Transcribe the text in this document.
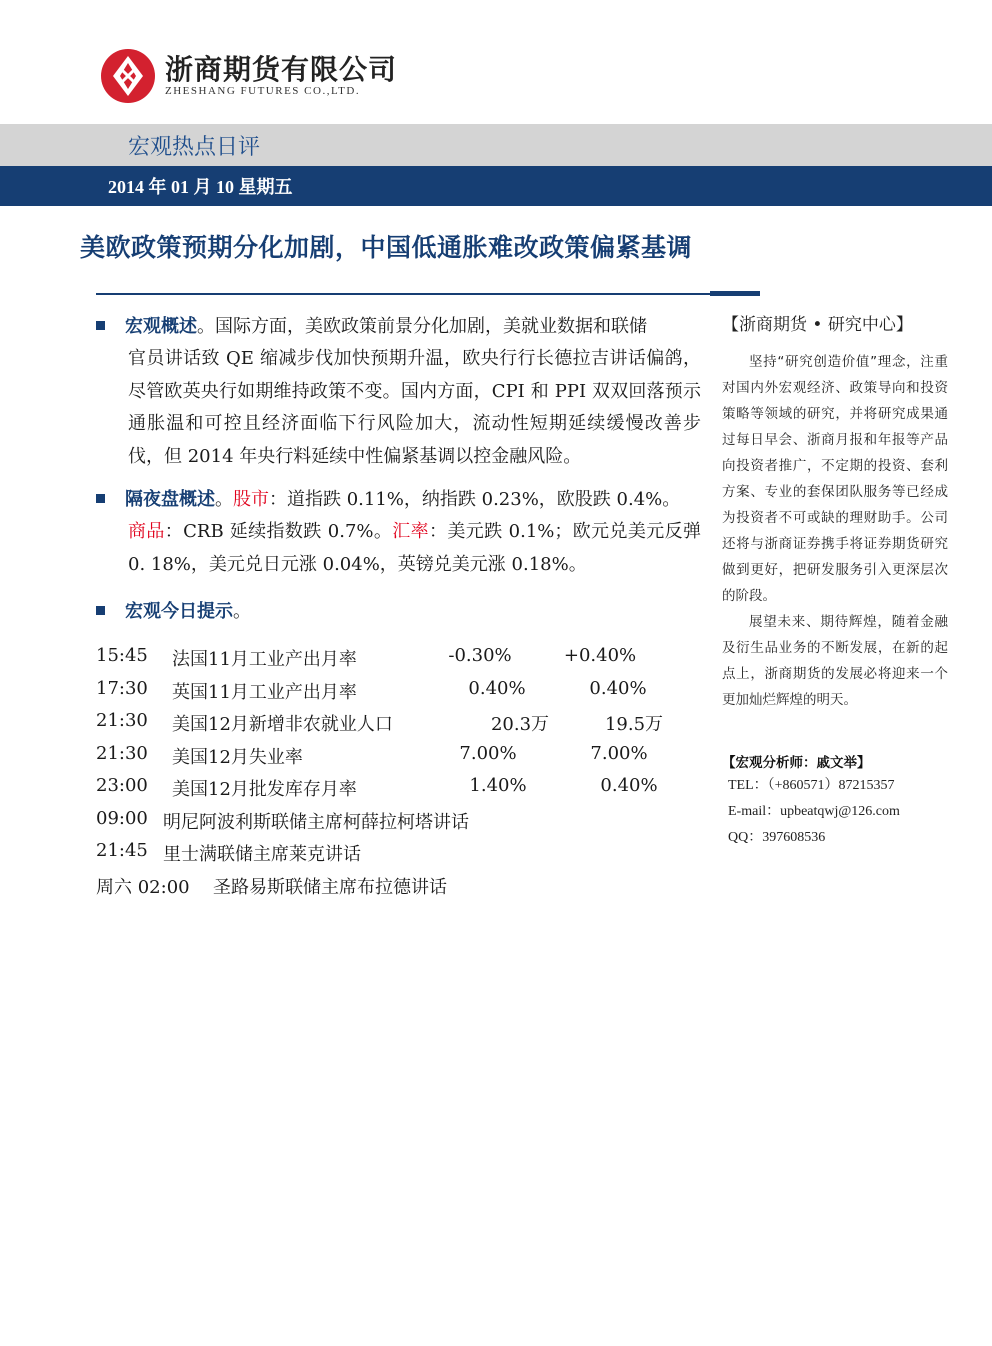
浙商期货有限公司
ZHESHANG FUTURES CO.,LTD.
宏观热点日评
2014 年 01 月 10 星期五
美欧政策预期分化加剧，中国低通胀难改政策偏紧基调
宏观概述。国际方面，美欧政策前景分化加剧，美就业数据和联储
官员讲话致 QE 缩减步伐加快预期升温，欧央行行长德拉吉讲话偏鸽，尽管欧英央行如期维持政策不变。国内方面，CPI 和 PPI 双双回落预示通胀温和可控且经济面临下行风险加大，流动性短期延续缓慢改善步伐，但 2014 年央行料延续中性偏紧基调以控金融风险。
隔夜盘概述。股市：道指跌 0.11%，纳指跌 0.23%，欧股跌 0.4%。
商品：CRB 延续指数跌 0.7%。汇率：美元跌 0.1%；欧元兑美元反弹 0. 18%，美元兑日元涨 0.04%，英镑兑美元涨 0.18%。
宏观今日提示。
15:45 法国11月工业产出月率	-0.30%	+0.40%
17:30 英国11月工业产出月率	0.40%	0.40%
21:30 美国12月新增非农就业人口	20.3万	19.5万
21:30 美国12月失业率	7.00%	7.00%
23:00 美国12月批发库存月率	1.40%	0.40%
09:00 明尼阿波利斯联储主席柯薛拉柯塔讲话
21:45 里士满联储主席莱克讲话
周六 02:00 圣路易斯联储主席布拉德讲话
【浙商期货 • 研究中心】

坚持“研究创造价值”理念，注重对国内外宏观经济、政策导向和投资策略等领域的研究，并将研究成果通过每日早会、浙商月报和年报等产品向投资者推广，不定期的投资、套利方案、专业的套保团队服务等已经成为投资者不可或缺的理财助手。公司还将与浙商证券携手将证券期货研究做到更好，把研发服务引入更深层次的阶段。

展望未来、期待辉煌，随着金融及衍生品业务的不断发展，在新的起点上，浙商期货的发展必将迎来一个更加灿烂辉煌的明天。

【宏观分析师：戚文举】
TEL：（+860571）87215357
E-mail：upbeatqwj@126.com
QQ：397608536
